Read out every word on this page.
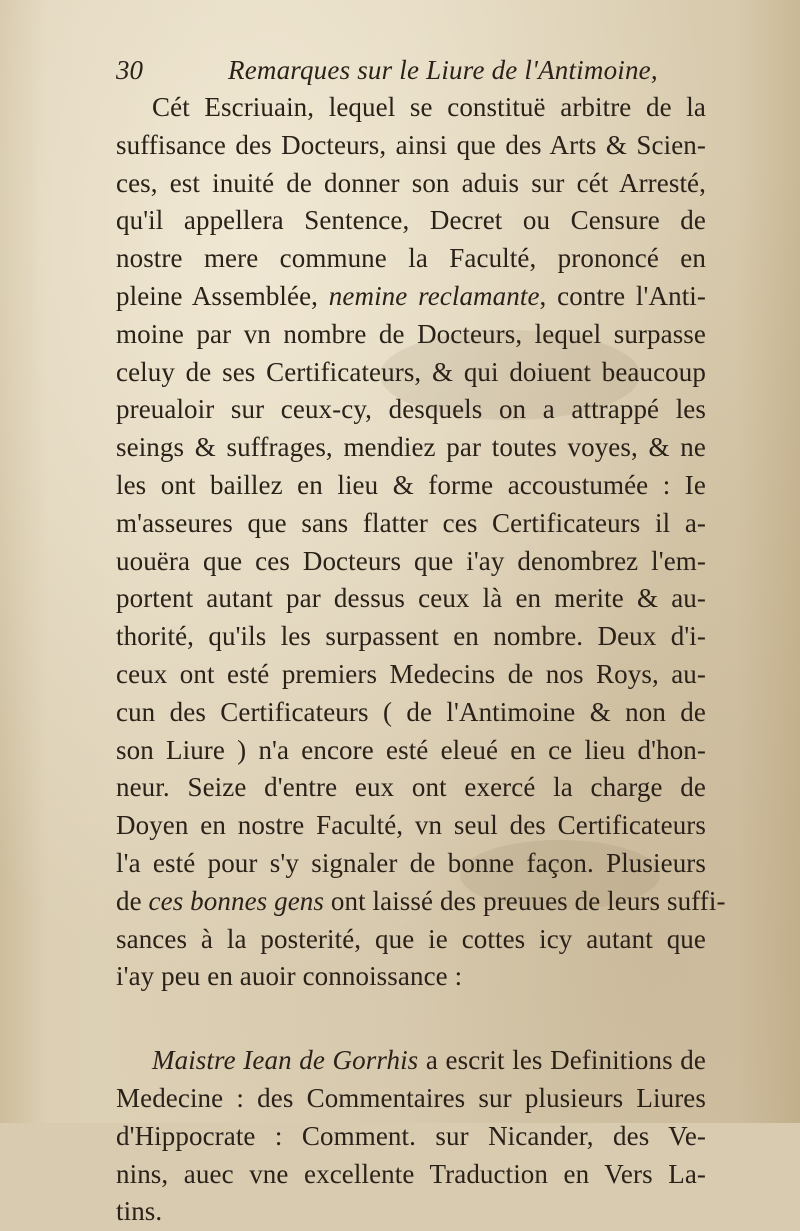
30	Remarques sur le Liure de l'Antimoine,
Cét Escriuain, lequel se constituë arbitre de la
suffisance des Docteurs, ainsi que des Arts & Scien-
ces, est inuité de donner son aduis sur cét Arresté,
qu'il appellera Sentence, Decret ou Censure de
nostre mere commune la Faculté, prononcé en
pleine Assemblée, nemine reclamante, contre l'Anti-
moine par vn nombre de Docteurs, lequel surpasse
celuy de ses Certificateurs, & qui doiuent beaucoup
preualoir sur ceux-cy, desquels on a attrappé les
seings & suffrages, mendiez par toutes voyes, & ne
les ont baillez en lieu & forme accoustumée : Ie
m'asseures que sans flatter ces Certificateurs il a-
uouëra que ces Docteurs que i'ay denombrez l'em-
portent autant par dessus ceux là en merite & au-
thorité, qu'ils les surpassent en nombre. Deux d'i-
ceux ont esté premiers Medecins de nos Roys, au-
cun des Certificateurs ( de l'Antimoine & non de
son Liure ) n'a encore esté eleué en ce lieu d'hon-
neur. Seize d'entre eux ont exercé la charge de
Doyen en nostre Faculté, vn seul des Certificateurs
l'a esté pour s'y signaler de bonne façon. Plusieurs
de ces bonnes gens ont laissé des preuues de leurs suffi-
sances à la posterité, que ie cottes icy autant que
i'ay peu en auoir connoissance :
Maistre Iean de Gorrhis a escrit les Definitions de
Medecine : des Commentaires sur plusieurs Liures
d'Hippocrate : Comment. sur Nicander, des Ve-
nins, auec vne excellente Traduction en Vers La-
tins.
